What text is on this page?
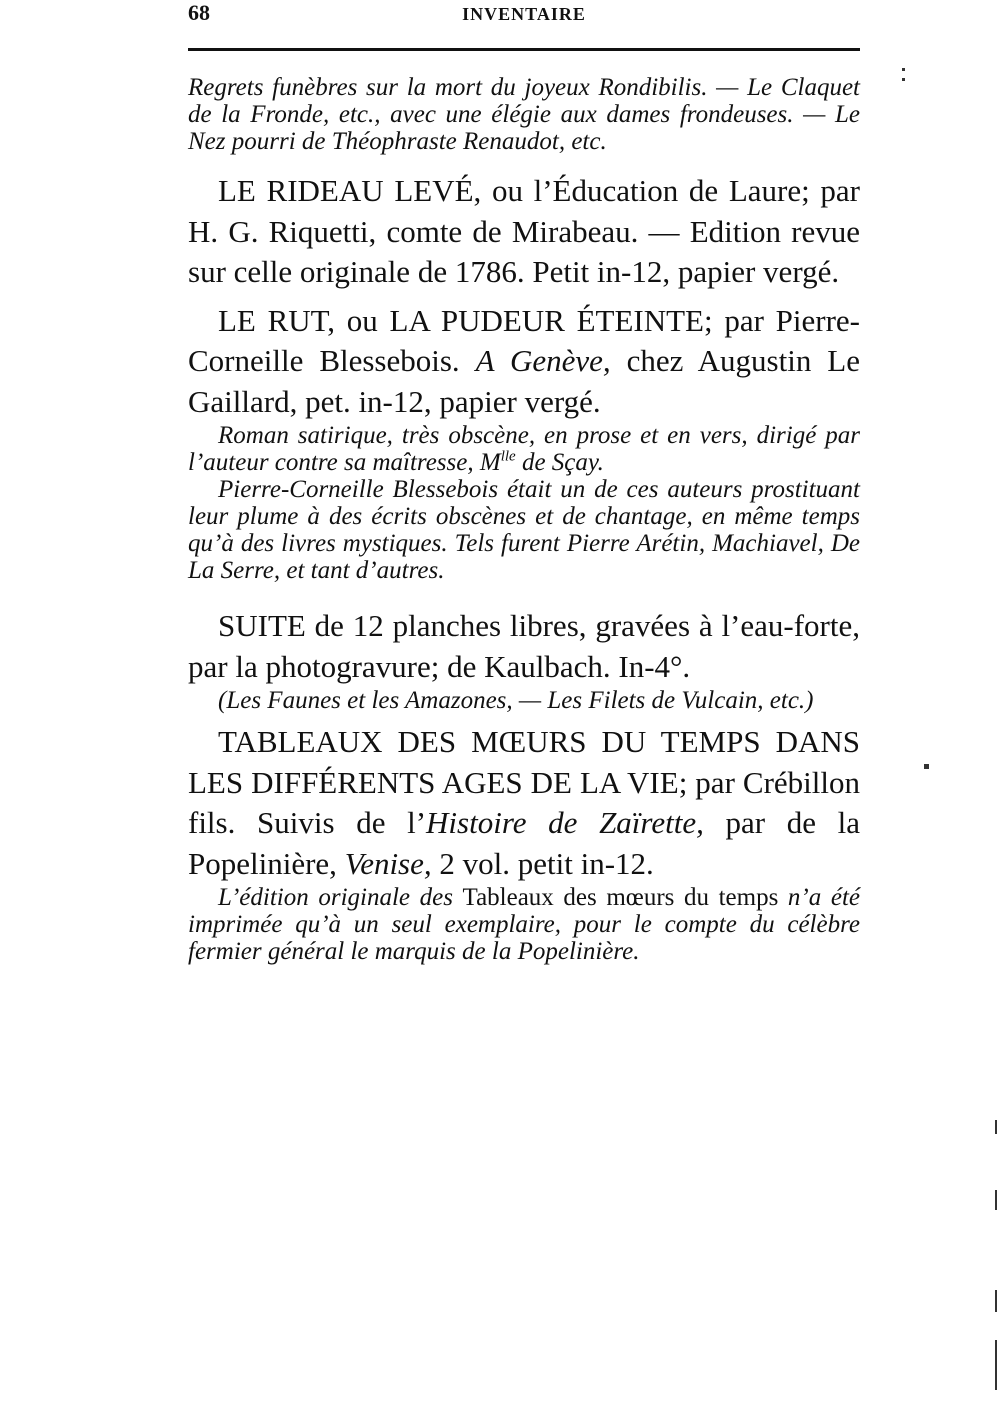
68	INVENTAIRE

Regrets funèbres sur la mort du joyeux Rondibilis. — Le Claquet de la Fronde, etc., avec une élégie aux dames frondeuses. — Le Nez pourri de Théophraste Renaudot, etc.

LE RIDEAU LEVÉ, ou l’Éducation de Laure; par H. G. Riquetti, comte de Mirabeau. — Edition revue sur celle originale de 1786. Petit in-12, papier vergé.

LE RUT, ou LA PUDEUR ÉTEINTE; par Pierre-Corneille Blessebois. A Genève, chez Augustin Le Gaillard, pet. in-12, papier vergé.

Roman satirique, très obscène, en prose et en vers, dirigé par l’auteur contre sa maîtresse, $M^{lle}$ de Sçay.

Pierre-Corneille Blessebois était un de ces auteurs prostituant leur plume à des écrits obscènes et de chantage, en même temps qu’à des livres mystiques. Tels furent Pierre Arétin, Machiavel, De La Serre, et tant d’autres.

SUITE de 12 planches libres, gravées à l’eau-forte, par la photogravure; de Kaulbach. In-4°.

(Les Faunes et les Amazones, — Les Filets de Vulcain, etc.)

TABLEAUX DES MŒURS DU TEMPS DANS LES DIFFÉRENTS AGES DE LA VIE; par Crébillon fils. Suivis de l’Histoire de Zaïrette, par de la Popelinière, Venise, 2 vol. petit in-12.

L’édition originale des Tableaux des mœurs du temps n’a été imprimée qu’à un seul exemplaire, pour le compte du célèbre fermier général le marquis de la Popelinière.
